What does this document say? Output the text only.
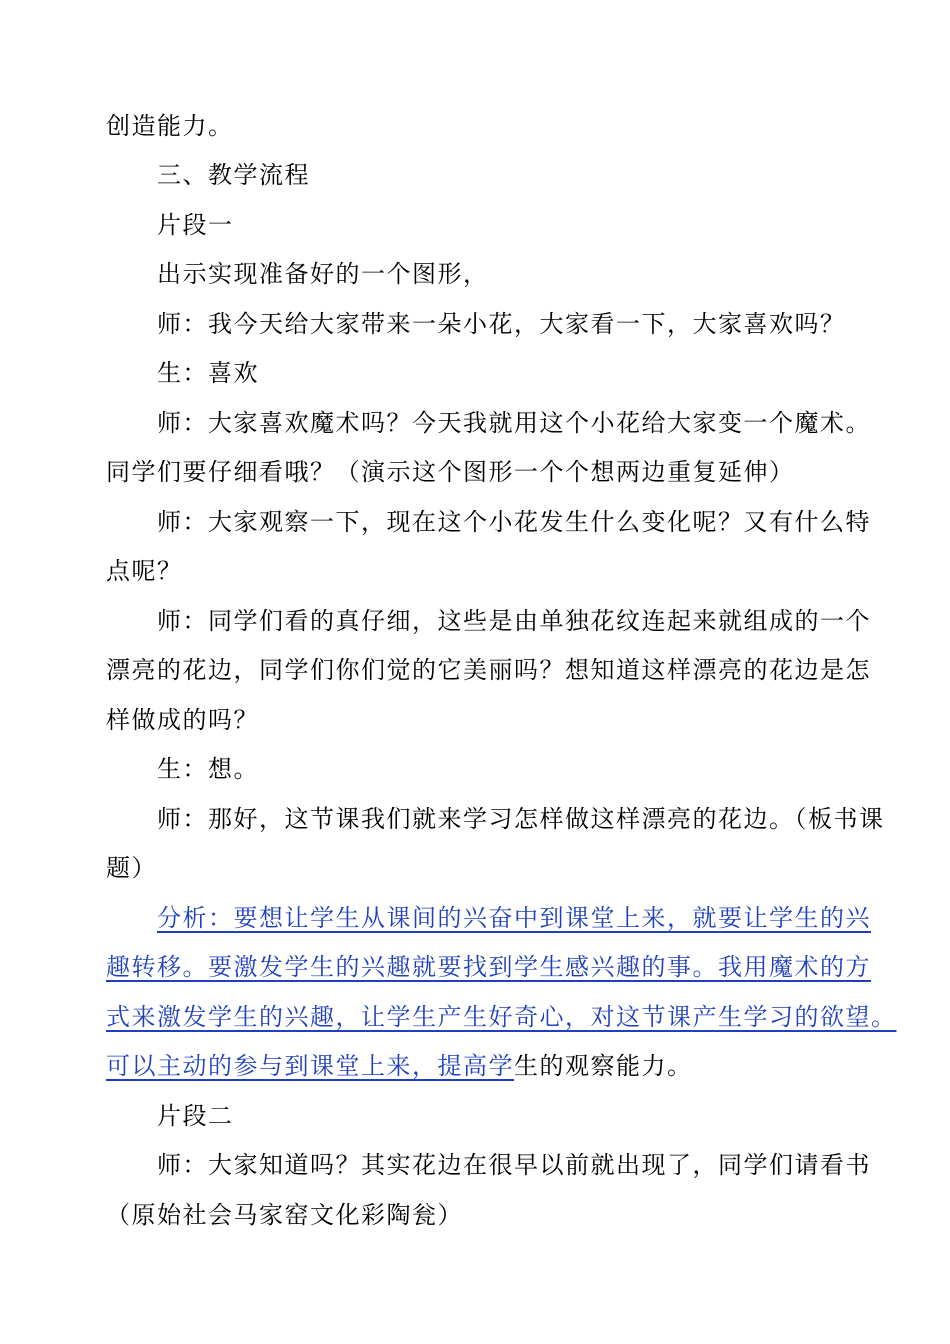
创造能力。
三、教学流程
片段一
出示实现准备好的一个图形，
师：我今天给大家带来一朵小花，大家看一下，大家喜欢吗？
生：喜欢
师：大家喜欢魔术吗？今天我就用这个小花给大家变一个魔术。
同学们要仔细看哦？（演示这个图形一个个想两边重复延伸）
师：大家观察一下，现在这个小花发生什么变化呢？又有什么特
点呢？
师：同学们看的真仔细，这些是由单独花纹连起来就组成的一个
漂亮的花边，同学们你们觉的它美丽吗？想知道这样漂亮的花边是怎
样做成的吗？
生：想。
师：那好，这节课我们就来学习怎样做这样漂亮的花边。（板书课
题）
分析：要想让学生从课间的兴奋中到课堂上来，就要让学生的兴
趣转移。要激发学生的兴趣就要找到学生感兴趣的事。我用魔术的方
式来激发学生的兴趣，让学生产生好奇心，对这节课产生学习的欲望。
可以主动的参与到课堂上来，提高学生的观察能力。
片段二
师：大家知道吗？其实花边在很早以前就出现了，同学们请看书
（原始社会马家窑文化彩陶瓮）
